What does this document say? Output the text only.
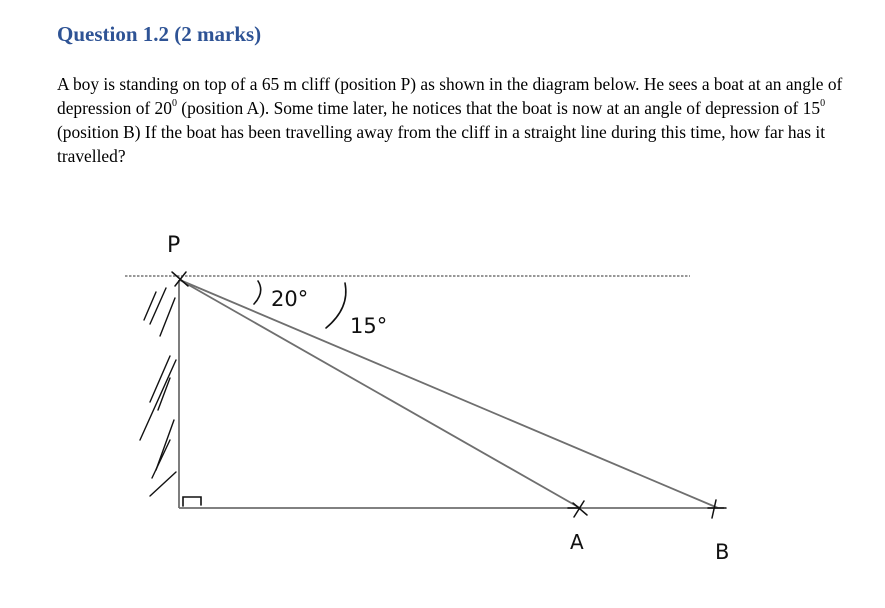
Question 1.2 (2 marks)

A boy is standing on top of a 65 m cliff (position P) as shown in the diagram below. He sees a boat at an angle of depression of $20^0$ (position A). Some time later, he notices that the boat is now at an angle of depression of $15^0$ (position B) If the boat has been travelling away from the cliff in a straight line during this time, how far has it travelled?

P
20°
15°
A	B
